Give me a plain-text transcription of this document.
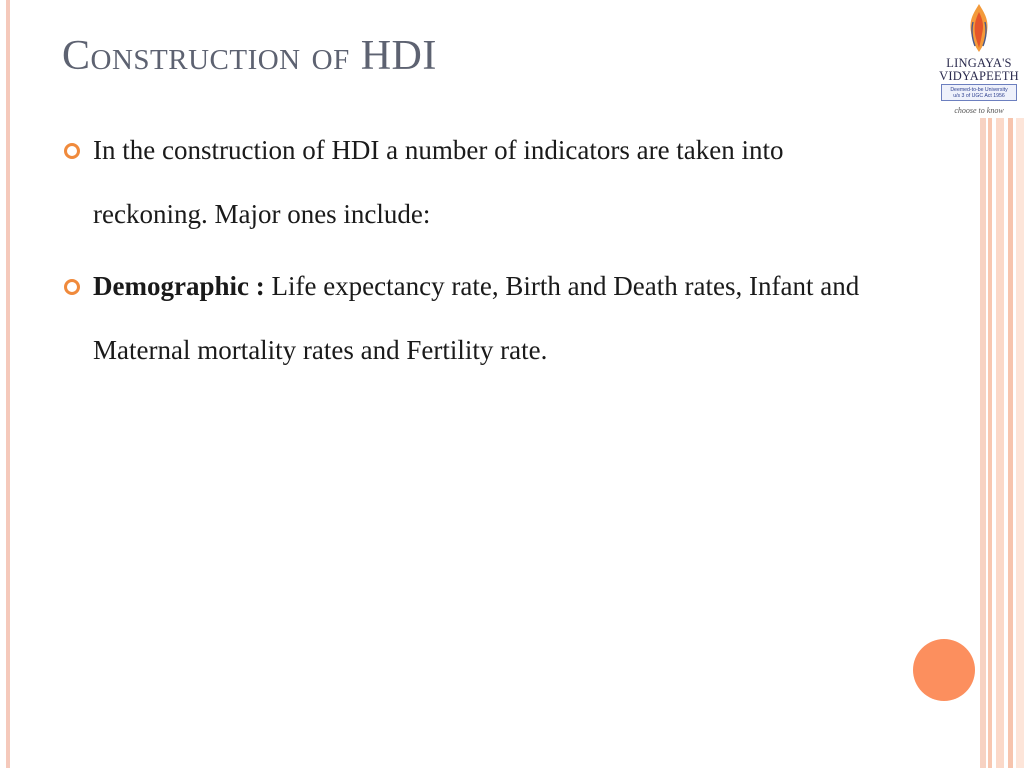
LINGAYA'S
VIDYAPEETH
Deemed-to-be University
u/s 3 of UGC Act 1956
choose to know
Construction of HDI
In the construction of HDI a number of indicators are taken into reckoning. Major ones include:
Demographic : Life expectancy rate, Birth and Death rates, Infant and Maternal mortality rates and Fertility rate.
